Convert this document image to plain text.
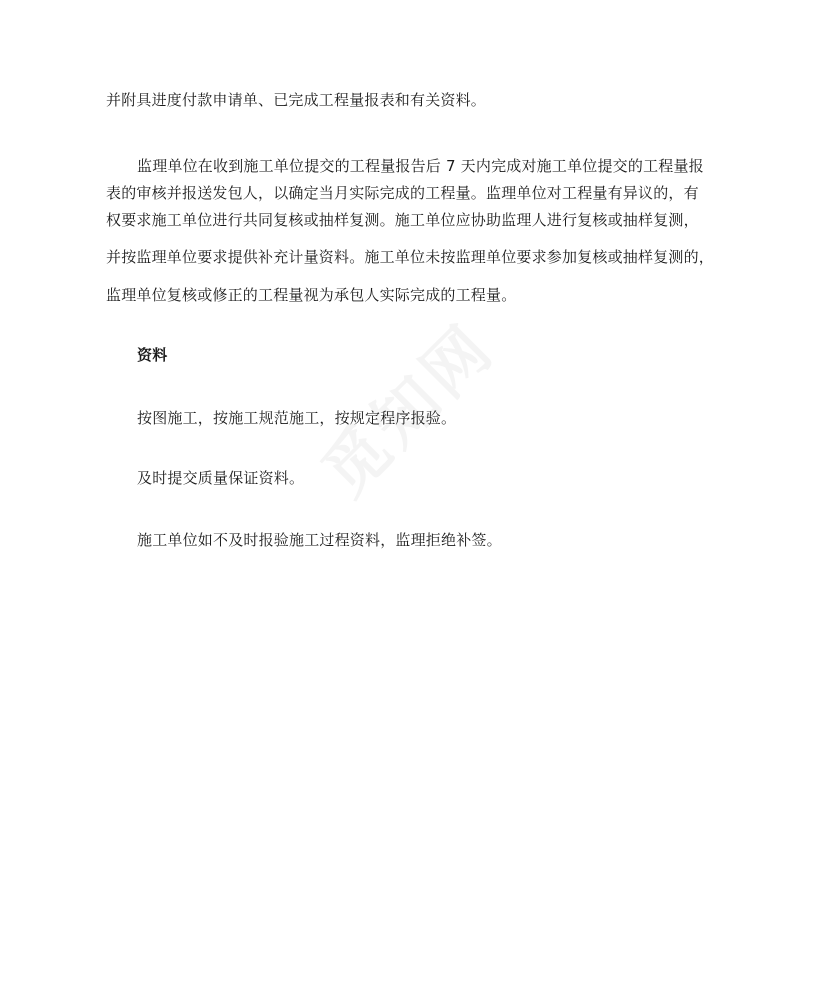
并附具进度付款申请单、已完成工程量报表和有关资料。
监理单位在收到施工单位提交的工程量报告后 7 天内完成对施工单位提交的工程量报
表的审核并报送发包人，以确定当月实际完成的工程量。监理单位对工程量有异议的，有
权要求施工单位进行共同复核或抽样复测。施工单位应协助监理人进行复核或抽样复测，
并按监理单位要求提供补充计量资料。施工单位未按监理单位要求参加复核或抽样复测的，
监理单位复核或修正的工程量视为承包人实际完成的工程量。
资料
按图施工，按施工规范施工，按规定程序报验。
及时提交质量保证资料。
施工单位如不及时报验施工过程资料，监理拒绝补签。
